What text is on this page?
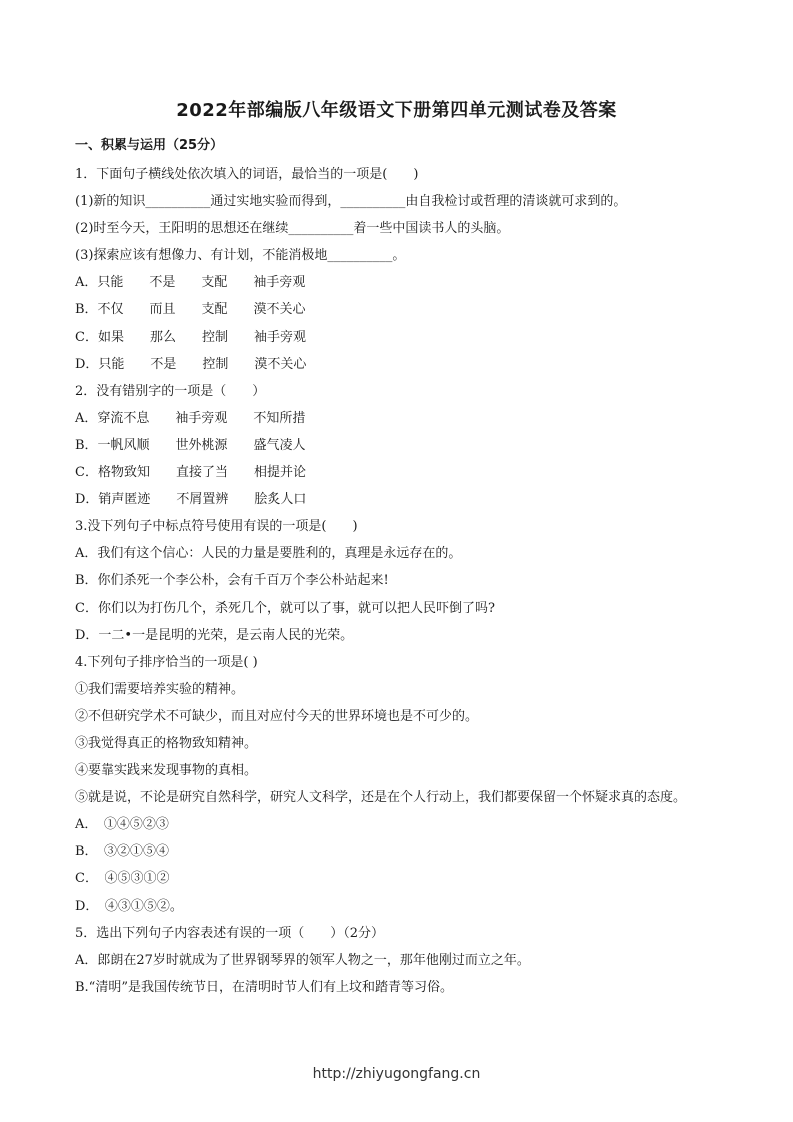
2022年部编版八年级语文下册第四单元测试卷及答案
一、积累与运用（25分）

1．下面句子横线处依次填入的词语，最恰当的一项是(　　)

(1)新的知识__________通过实地实验而得到，__________由自我检讨或哲理的清谈就可求到的。

(2)时至今天，王阳明的思想还在继续__________着一些中国读书人的头脑。

(3)探索应该有想像力、有计划，不能消极地__________。

A．只能　　不是　　支配　　袖手旁观

B．不仅　　而且　　支配　　漠不关心

C．如果　　那么　　控制　　袖手旁观

D．只能　　不是　　控制　　漠不关心

2．没有错别字的一项是（　　）

A．穿流不息　　袖手旁观　　不知所措

B．一帆风顺　　世外桃源　　盛气凌人

C．格物致知　　直接了当　　相提并论

D．销声匿迹　　不屑置辨　　脍炙人口

3.没下列句子中标点符号使用有误的一项是(　　)

A．我们有这个信心：人民的力量是要胜利的，真理是永远存在的。

B．你们杀死一个李公朴，会有千百万个李公朴站起来!

C．你们以为打伤几个，杀死几个，就可以了事，就可以把人民吓倒了吗?

D．一二•一是昆明的光荣，是云南人民的光荣。

4.下列句子排序恰当的一项是( )

①我们需要培养实验的精神。

②不但研究学术不可缺少，而且对应付今天的世界环境也是不可少的。

③我觉得真正的格物致知精神。

④要靠实践来发现事物的真相。

⑤就是说，不论是研究自然科学，研究人文科学，还是在个人行动上，我们都要保留一个怀疑求真的态度。

A．　①④⑤②③

B．　③②①⑤④

C．　④⑤③①②

D．　④③①⑤②。

5．选出下列句子内容表述有误的一项（　　）（2分）

A．郎朗在27岁时就成为了世界钢琴界的领军人物之一，那年他刚过而立之年。

B.“清明”是我国传统节日，在清明时节人们有上坟和踏青等习俗。

http://zhiyugongfang.cn
